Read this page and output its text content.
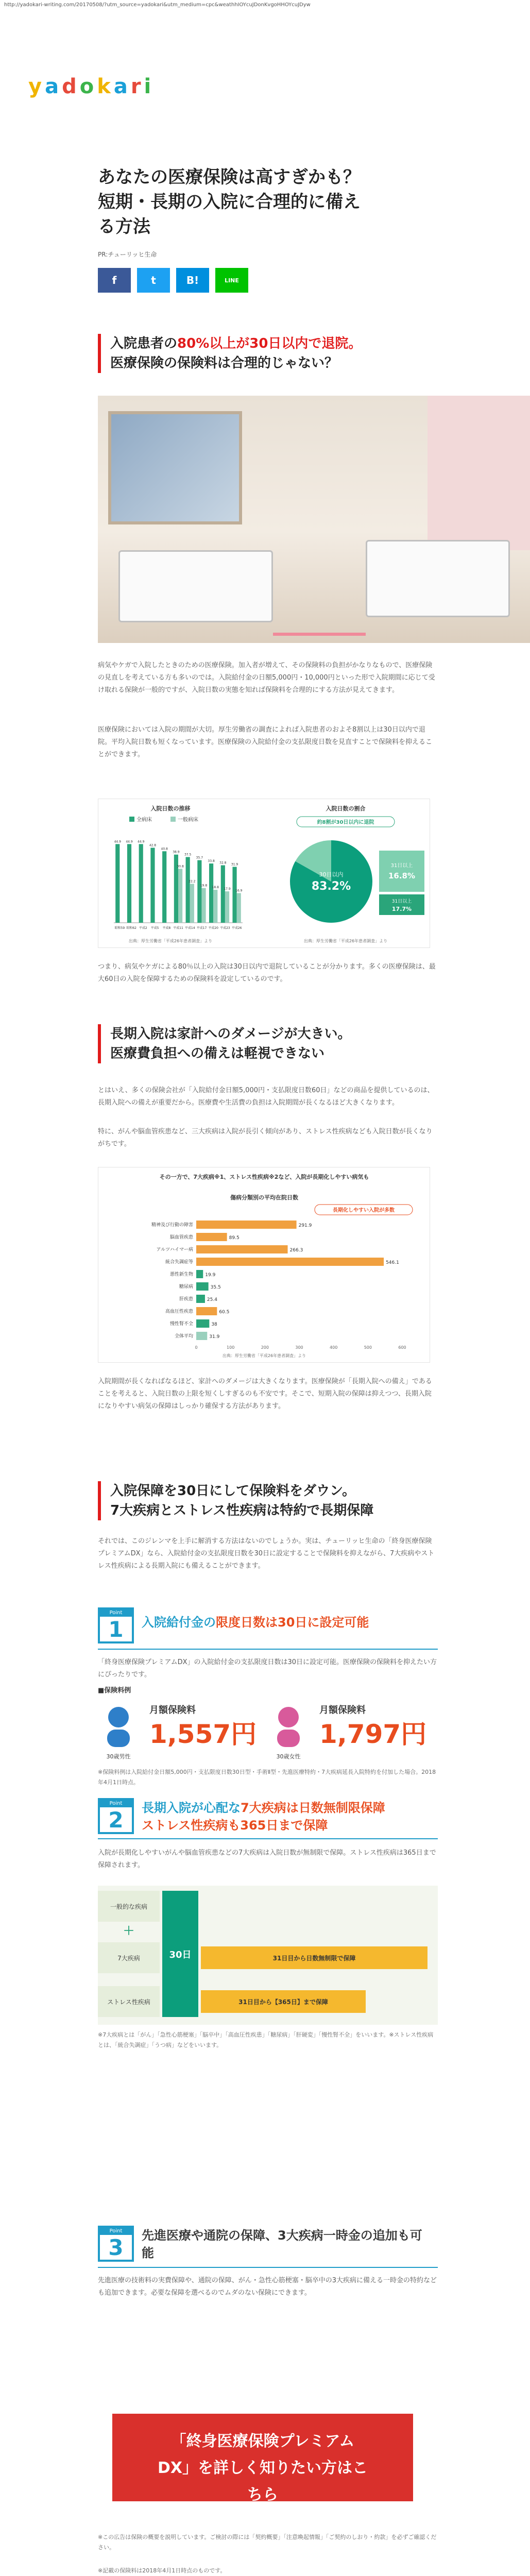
http://yadokari-writing.com/20170508/?utm_source=yadokari&utm_medium=cpc&weathhIOYcuJDonKvgoHHOYcuJDyw
yadokari
あなたの医療保険は高すぎかも？
短期・長期の入院に合理的に備え
る方法
PR:チューリッヒ生命
f	t	B!	LINE
入院患者の80%以上が30日以内で退院。
医療保険の保険料は合理的じゃない？
病気やケガで入院したときのための医療保険。加入者が増えて、その保険料の負担がかなりなもので、医療保険の見直しを考えている方も多いのでは。入院給付金の日額5,000円・10,000円といった形で入院期間に応じて受け取れる保険が一般的ですが、入院日数の実態を知れば保険料を合理的にする方法が見えてきます。
医療保険においては入院の期間が大切。厚生労働省の調査によれば入院患者のおよそ8割以上は30日以内で退院。平均入院日数も短くなっています。医療保険の入院給付金の支払限度日数を見直すことで保険料を抑えることができます。
入院日数の推移
全病床	一般病床
44.9
昭和59
44.9
昭和62
44.9
平成2
42.8
平成5
40.8
平成8
38.9
30.8
平成11
37.5
22.2
平成14
35.7
19.8
平成17
33.8
18.8
平成20
32.8
17.9
平成23
31.9
16.9
平成26
出典：厚生労働省「平成26年患者調査」より
入院日数の割合
約8割が30日以内に退院
30日以内
83.2%
31日以上
16.8%
31日以上
17.7%
出典：厚生労働省「平成26年患者調査」より
つまり、病気やケガによる80％以上の入院は30日以内で退院していることが分かります。多くの医療保険は、最大60日の入院を保障するための保険料を設定しているのです。
長期入院は家計へのダメージが大きい。
医療費負担への備えは軽視できない
とはいえ、多くの保険会社が「入院給付金日額5,000円・支払限度日数60日」などの商品を提供しているのは、長期入院への備えが重要だから。医療費や生活費の負担は入院期間が長くなるほど大きくなります。
特に、がんや脳血管疾患など、三大疾病は入院が長引く傾向があり、ストレス性疾病なども入院日数が長くなりがちです。
その一方で、7大疾病※1、ストレス性疾病※2など、入院が長期化しやすい病気も
傷病分類別の平均在院日数
長期化しやすい入院が多数
精神及び行動の障害	291.9
脳血管疾患	89.5
アルツハイマー病	266.3
統合失調症等	546.1
悪性新生物	19.9
糖尿病	35.5
肝疾患	25.4
高血圧性疾患	60.5
慢性腎不全	38
全体平均	31.9
0	100	200	300	400	500	600
出典：厚生労働省「平成26年患者調査」より
入院期間が長くなればなるほど、家計へのダメージは大きくなります。医療保険が「長期入院への備え」であることを考えると、入院日数の上限を短くしすぎるのも不安です。そこで、短期入院の保障は抑えつつ、長期入院になりやすい病気の保障はしっかり確保する方法があります。
入院保障を30日にして保険料をダウン。
7大疾病とストレス性疾病は特約で長期保障
それでは、このジレンマを上手に解消する方法はないのでしょうか。実は、チューリッヒ生命の「終身医療保険プレミアムDX」なら、入院給付金の支払限度日数を30日に設定することで保険料を抑えながら、7大疾病やストレス性疾病による長期入院にも備えることができます。
Point
1	入院給付金の限度日数は30日に設定可能
「終身医療保険プレミアムDX」の入院給付金の支払限度日数は30日に設定可能。医療保険の保険料を抑えたい方にぴったりです。
■保険料例
30歳男性
月額保険料
1,557円
30歳女性
月額保険料
1,797円
※保険料例は入院給付金日額5,000円・支払限度日数30日型・手術Ⅱ型・先進医療特約・7大疾病延長入院特約を付加した場合。2018年4月1日時点。
Point
2	長期入院が心配な7大疾病は日数無制限保障
ストレス性疾病も365日まで保障
入院が長期化しやすいがんや脳血管疾患などの7大疾病は入院日数が無制限で保障。ストレス性疾病は365日まで保障されます。
一般的な疾病
＋
7大疾病
ストレス性疾病
30日	31日目から日数無制限で保障
31日目から【365日】まで保障
※7大疾病とは「がん」「急性心筋梗塞」「脳卒中」「高血圧性疾患」「糖尿病」「肝硬変」「慢性腎不全」をいいます。※ストレス性疾病とは、「統合失調症」「うつ病」などをいいます。
Point
3	先進医療や通院の保障、3大疾病一時金の追加も可
能
先進医療の技術料の実費保障や、通院の保障、がん・急性心筋梗塞・脳卒中の3大疾病に備える一時金の特約なども追加できます。必要な保障を選べるのでムダのない保険にできます。
「終身医療保険プレミアム
DX」を詳しく知りたい方はこ
ちら
※この広告は保険の概要を説明しています。ご検討の際には「契約概要」「注意喚起情報」「ご契約のしおり・約款」を必ずご確認ください。
※記載の保険料は2018年4月1日時点のものです。
